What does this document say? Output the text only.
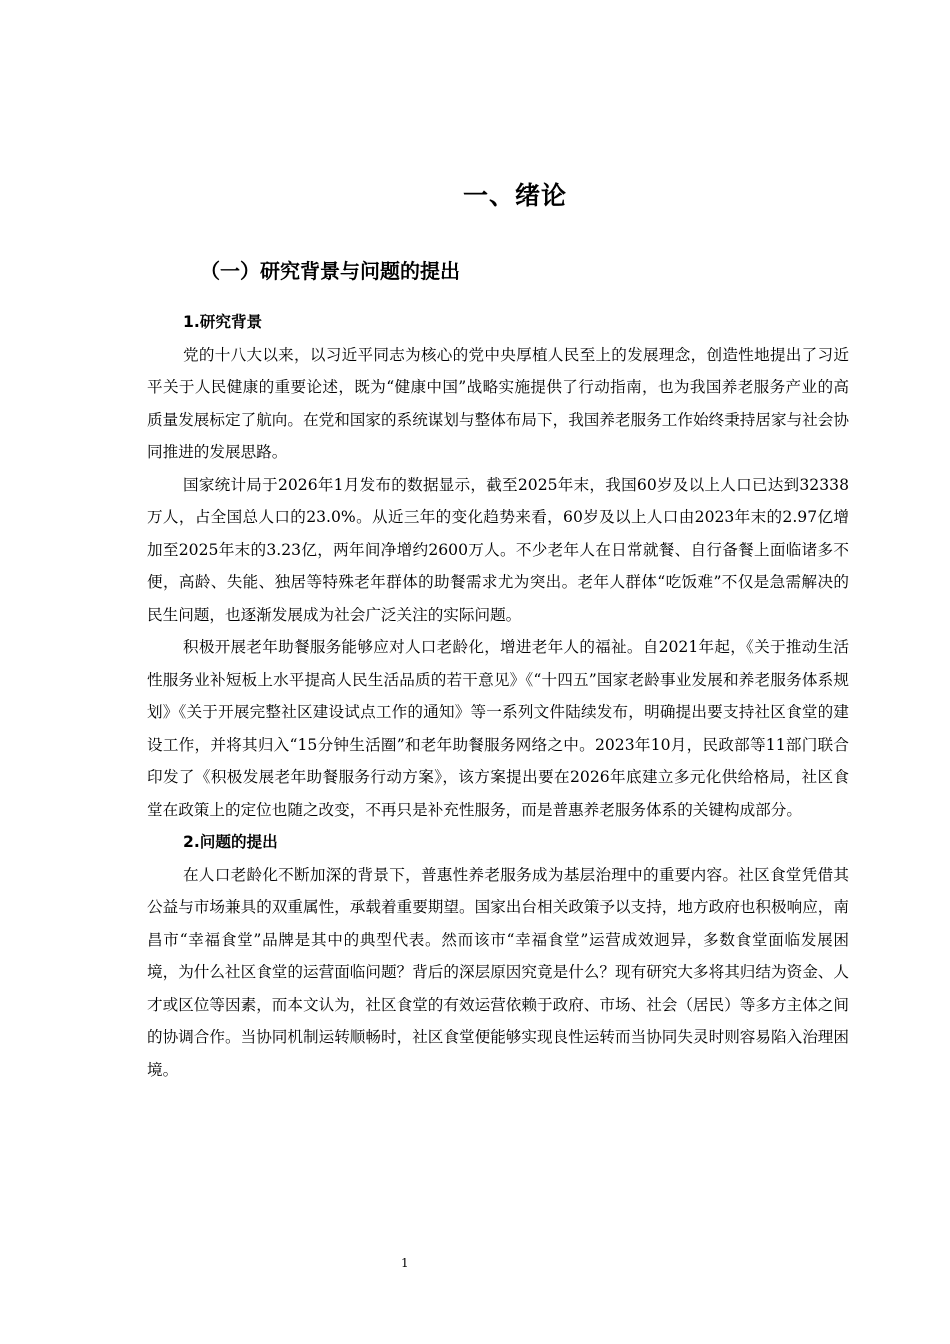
一、绪论
（一）研究背景与问题的提出
1.研究背景

党的十八大以来，以习近平同志为核心的党中央厚植人民至上的发展理念，创造性地提出了习近平关于人民健康的重要论述，既为“健康中国”战略实施提供了行动指南，也为我国养老服务产业的高质量发展标定了航向。在党和国家的系统谋划与整体布局下，我国养老服务工作始终秉持居家与社会协同推进的发展思路。

国家统计局于2026年1月发布的数据显示，截至2025年末，我国60岁及以上人口已达到32338万人，占全国总人口的23.0%。从近三年的变化趋势来看，60岁及以上人口由2023年末的2.97亿增加至2025年末的3.23亿，两年间净增约2600万人。不少老年人在日常就餐、自行备餐上面临诸多不便，高龄、失能、独居等特殊老年群体的助餐需求尤为突出。老年人群体“吃饭难”不仅是急需解决的民生问题，也逐渐发展成为社会广泛关注的实际问题。

积极开展老年助餐服务能够应对人口老龄化，增进老年人的福祉。自2021年起，《关于推动生活性服务业补短板上水平提高人民生活品质的若干意见》《“十四五”国家老龄事业发展和养老服务体系规划》《关于开展完整社区建设试点工作的通知》等一系列文件陆续发布，明确提出要支持社区食堂的建设工作，并将其归入“15分钟生活圈”和老年助餐服务网络之中。2023年10月，民政部等11部门联合印发了《积极发展老年助餐服务行动方案》，该方案提出要在2026年底建立多元化供给格局，社区食堂在政策上的定位也随之改变，不再只是补充性服务，而是普惠养老服务体系的关键构成部分。

2.问题的提出

在人口老龄化不断加深的背景下，普惠性养老服务成为基层治理中的重要内容。社区食堂凭借其公益与市场兼具的双重属性，承载着重要期望。国家出台相关政策予以支持，地方政府也积极响应，南昌市“幸福食堂”品牌是其中的典型代表。然而该市“幸福食堂”运营成效迥异，多数食堂面临发展困境，为什么社区食堂的运营面临问题？背后的深层原因究竟是什么？现有研究大多将其归结为资金、人才或区位等因素，而本文认为，社区食堂的有效运营依赖于政府、市场、社会（居民）等多方主体之间的协调合作。当协同机制运转顺畅时，社区食堂便能够实现良性运转而当协同失灵时则容易陷入治理困境。

1
